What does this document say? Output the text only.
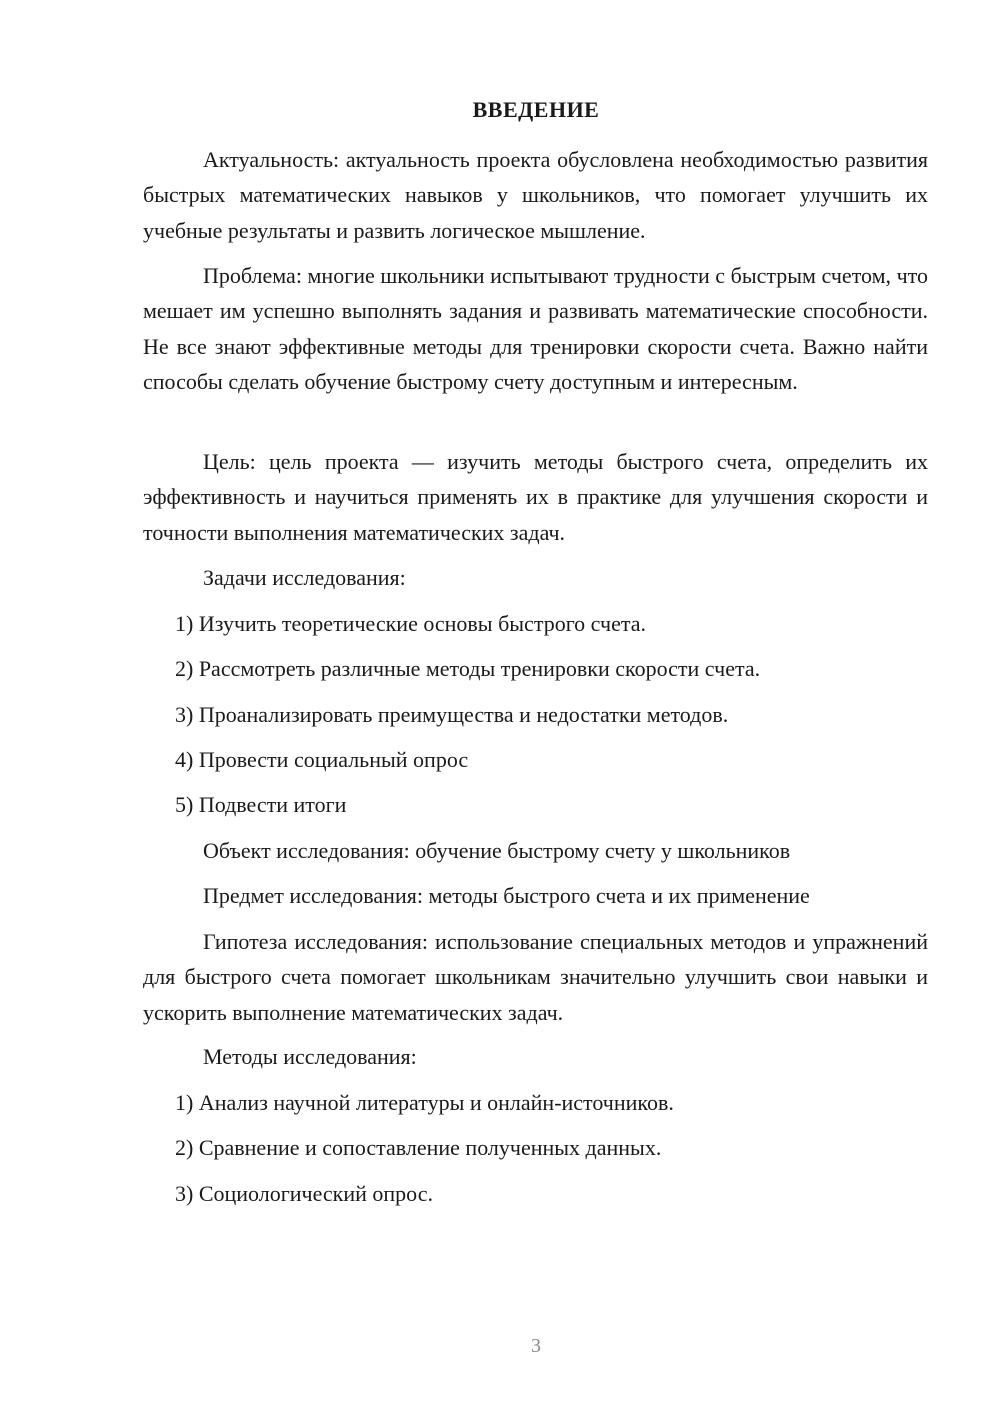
ВВЕДЕНИЕ

Актуальность: актуальность проекта обусловлена необходимостью развития быстрых математических навыков у школьников, что помогает улучшить их учебные результаты и развить логическое мышление.

Проблема: многие школьники испытывают трудности с быстрым счетом, что мешает им успешно выполнять задания и развивать математические способности. Не все знают эффективные методы для тренировки скорости счета. Важно найти способы сделать обучение быстрому счету доступным и интересным.

Цель: цель проекта — изучить методы быстрого счета, определить их эффективность и научиться применять их в практике для улучшения скорости и точности выполнения математических задач.

Задачи исследования:

1) Изучить теоретические основы быстрого счета.

2) Рассмотреть различные методы тренировки скорости счета.

3) Проанализировать преимущества и недостатки методов.

4) Провести социальный опрос

5) Подвести итоги

Объект исследования: обучение быстрому счету у школьников

Предмет исследования: методы быстрого счета и их применение

Гипотеза исследования: использование специальных методов и упражнений для быстрого счета помогает школьникам значительно улучшить свои навыки и ускорить выполнение математических задач.

Методы исследования:

1) Анализ научной литературы и онлайн-источников.

2) Сравнение и сопоставление полученных данных.

3) Социологический опрос.

3
